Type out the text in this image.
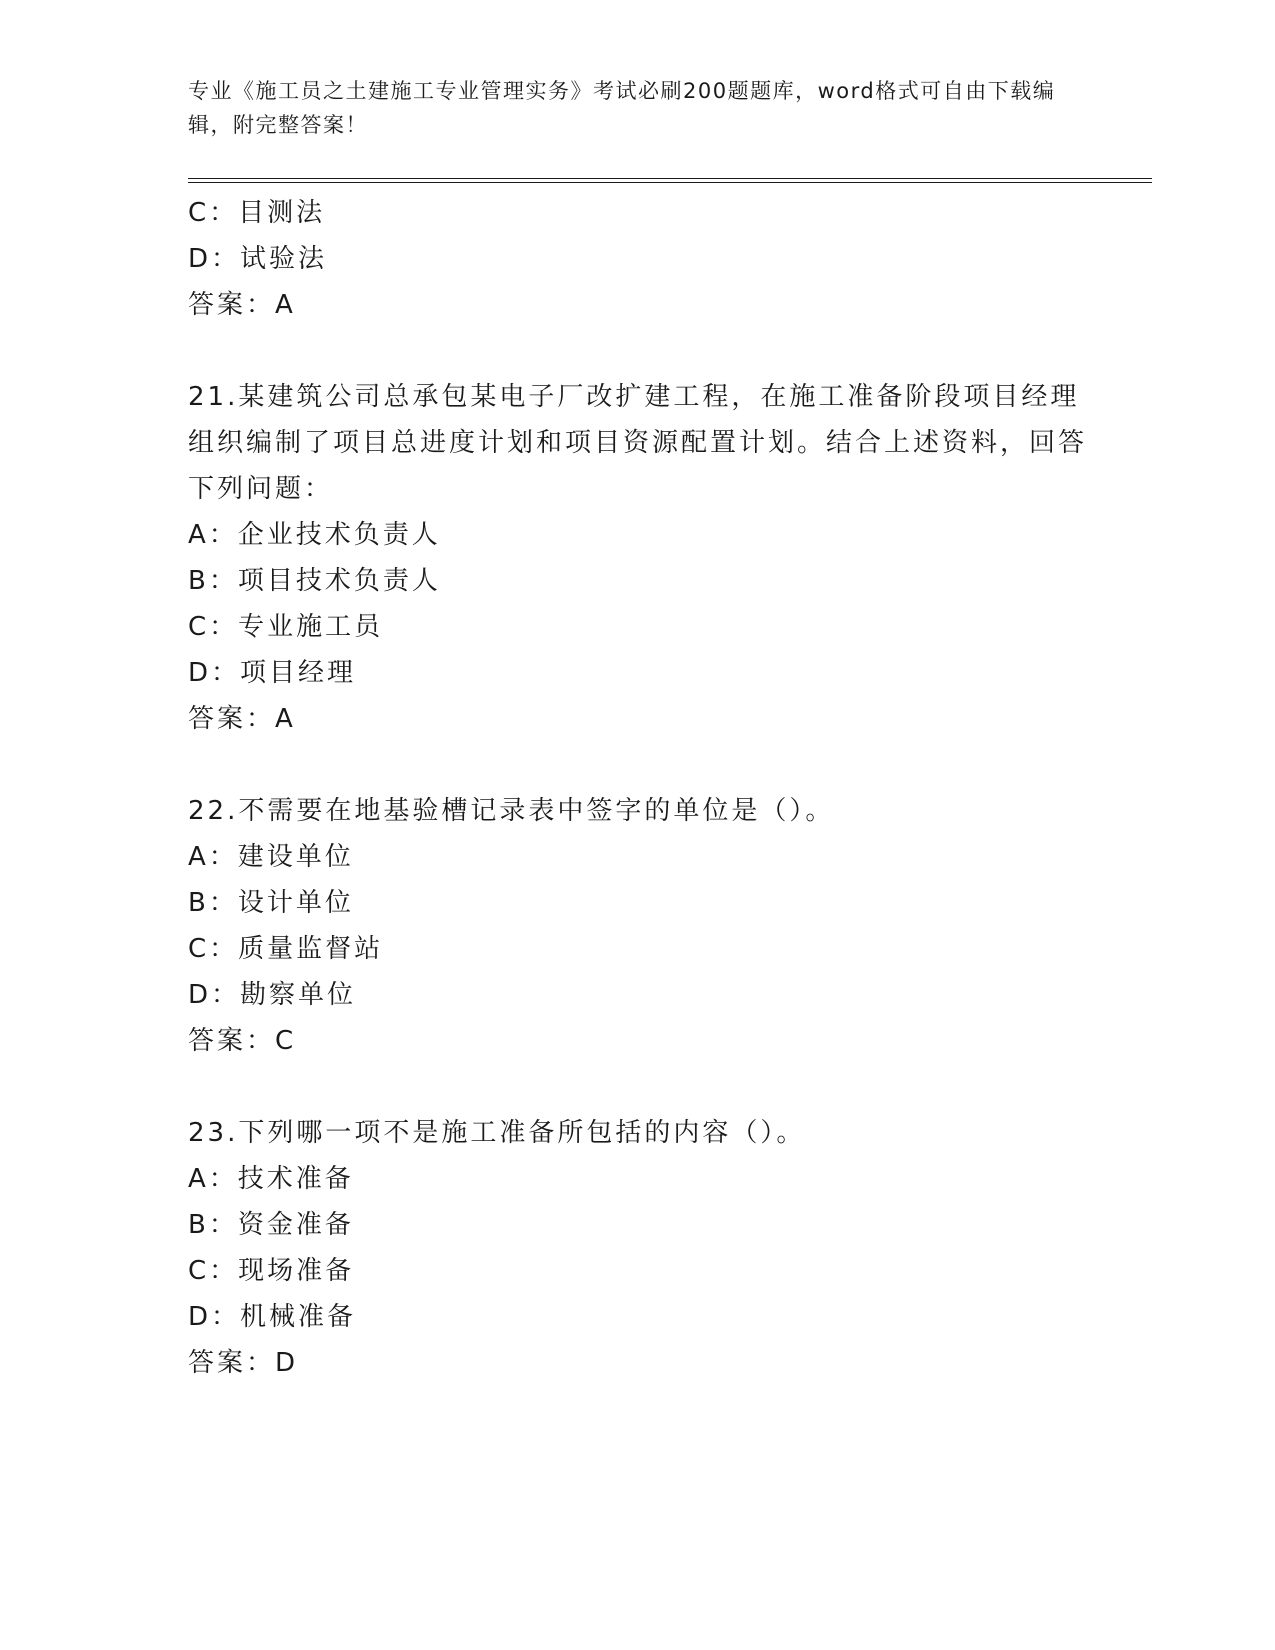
专业《施工员之土建施工专业管理实务》考试必刷200题题库，word格式可自由下载编辑，附完整答案！
C：目测法
D：试验法
答案：A
21.某建筑公司总承包某电子厂改扩建工程，在施工准备阶段项目经理组织编制了项目总进度计划和项目资源配置计划。结合上述资料，回答下列问题：
A：企业技术负责人
B：项目技术负责人
C：专业施工员
D：项目经理
答案：A
22.不需要在地基验槽记录表中签字的单位是（）。
A：建设单位
B：设计单位
C：质量监督站
D：勘察单位
答案：C
23.下列哪一项不是施工准备所包括的内容（）。
A：技术准备
B：资金准备
C：现场准备
D：机械准备
答案：D
